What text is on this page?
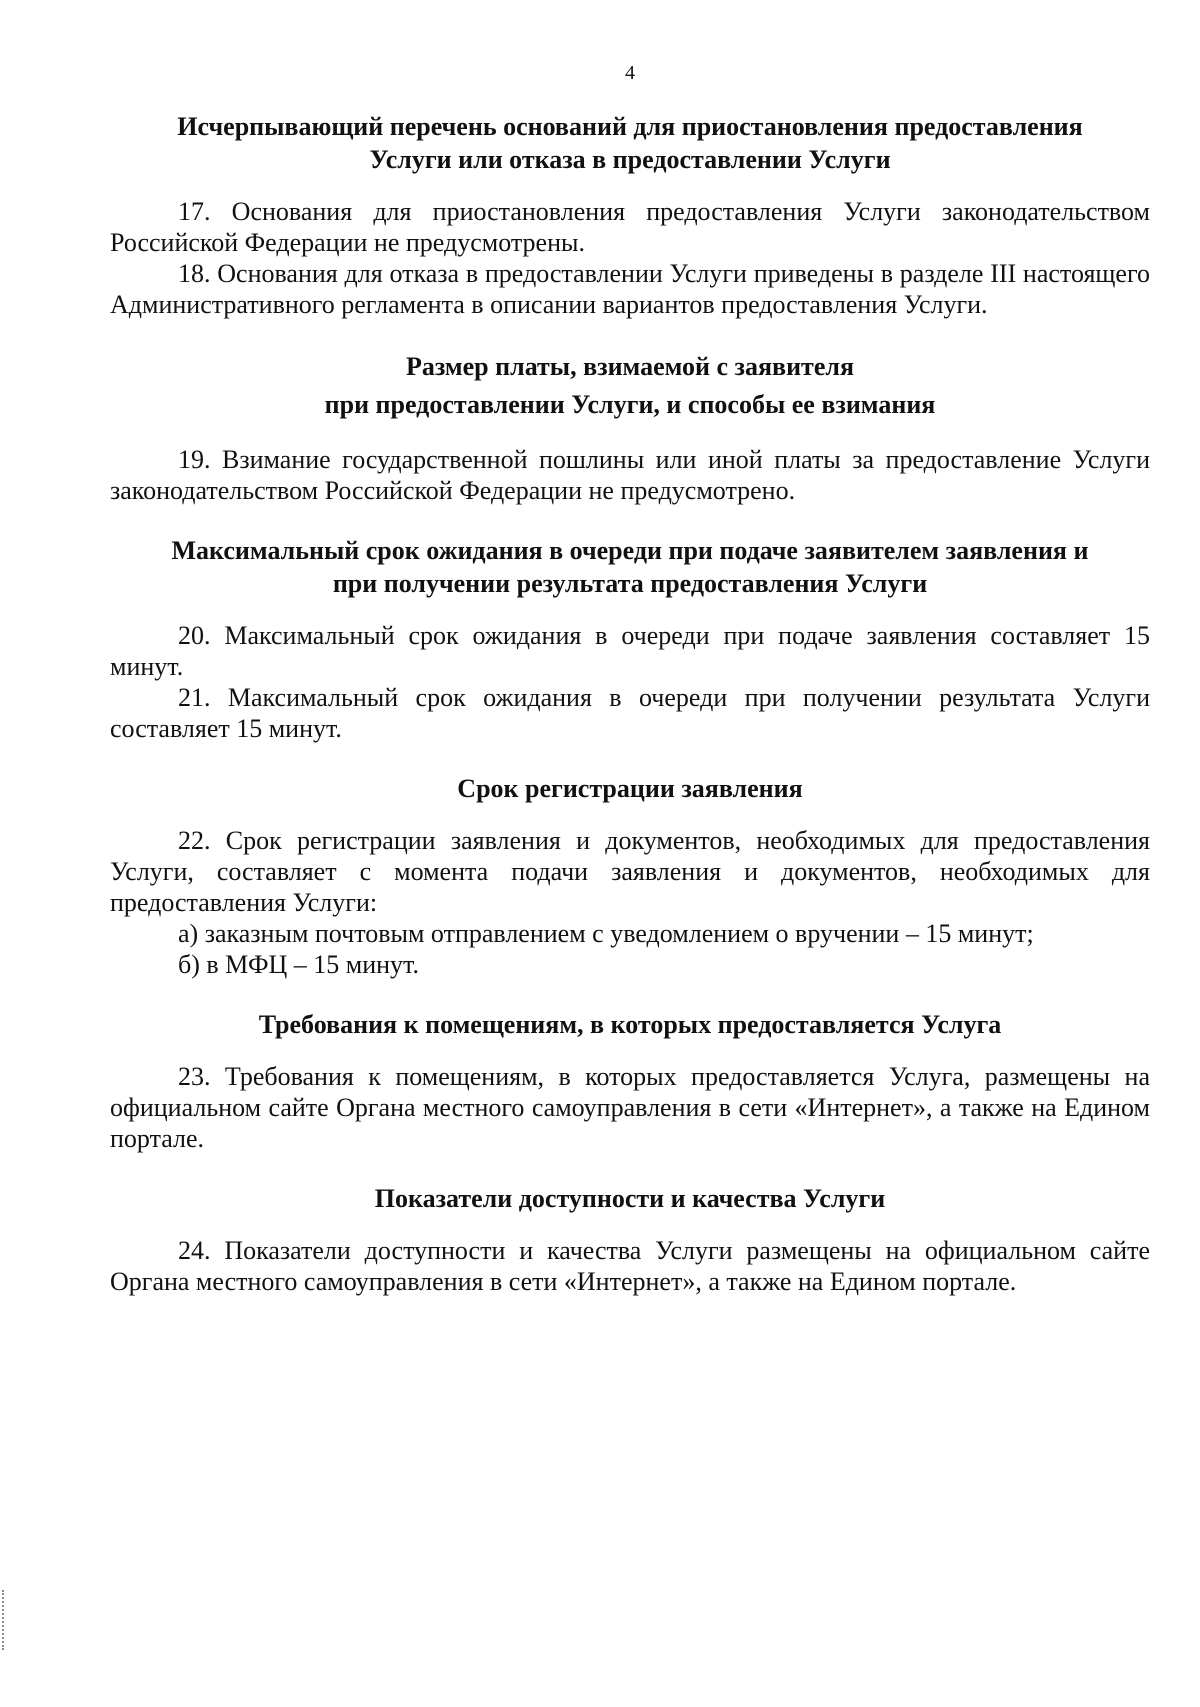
4

Исчерпывающий перечень оснований для приостановления предоставления
Услуги или отказа в предоставлении Услуги

17. Основания для приостановления предоставления Услуги законодательством Российской Федерации не предусмотрены.

18. Основания для отказа в предоставлении Услуги приведены в разделе III настоящего Административного регламента в описании вариантов предоставления Услуги.

Размер платы, взимаемой с заявителя
при предоставлении Услуги, и способы ее взимания

19. Взимание государственной пошлины или иной платы за предоставление Услуги законодательством Российской Федерации не предусмотрено.

Максимальный срок ожидания в очереди при подаче заявителем заявления и
при получении результата предоставления Услуги

20. Максимальный срок ожидания в очереди при подаче заявления составляет 15 минут.

21. Максимальный срок ожидания в очереди при получении результата Услуги составляет 15 минут.

Срок регистрации заявления

22. Срок регистрации заявления и документов, необходимых для предоставления Услуги, составляет с момента подачи заявления и документов, необходимых для предоставления Услуги:

а) заказным почтовым отправлением с уведомлением о вручении – 15 минут;

б) в МФЦ – 15 минут.

Требования к помещениям, в которых предоставляется Услуга

23. Требования к помещениям, в которых предоставляется Услуга, размещены на официальном сайте Органа местного самоуправления в сети «Интернет», а также на Едином портале.

Показатели доступности и качества Услуги

24. Показатели доступности и качества Услуги размещены на официальном сайте Органа местного самоуправления в сети «Интернет», а также на Едином портале.
